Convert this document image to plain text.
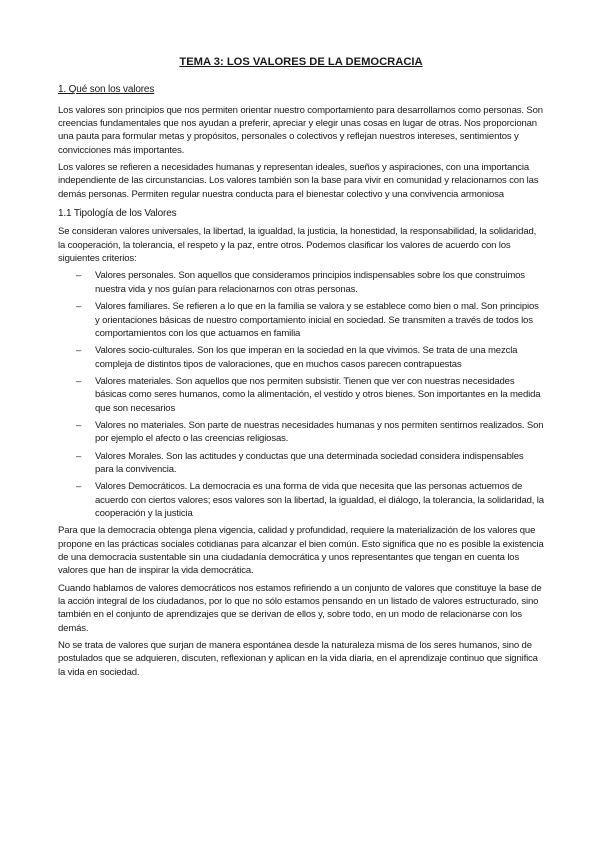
TEMA 3: LOS VALORES DE LA DEMOCRACIA
1. Qué son los valores

Los valores son principios que nos permiten orientar nuestro comportamiento para desarrollarnos como personas. Son creencias fundamentales que nos ayudan a preferir, apreciar y elegir unas cosas en lugar de otras. Nos proporcionan una pauta para formular metas y propósitos, personales o colectivos y reflejan nuestros intereses, sentimientos y convicciones más importantes.

Los valores se refieren a necesidades humanas y representan ideales, sueños y aspiraciones, con una importancia independiente de las circunstancias. Los valores también son la base para vivir en comunidad y relacionarnos con las demás personas. Permiten regular nuestra conducta para el bienestar colectivo y una convivencia armoniosa

1.1 Tipología de los Valores

Se consideran valores universales, la libertad, la igualdad, la justicia, la honestidad, la responsabilidad, la solidaridad, la cooperación, la tolerancia, el respeto y la paz, entre otros. Podemos clasificar los valores de acuerdo con los siguientes criterios:

– Valores personales. Son aquellos que consideramos principios indispensables sobre los que construimos nuestra vida y nos guían para relacionarnos con otras personas.
– Valores familiares. Se refieren a lo que en la familia se valora y se establece como bien o mal. Son principios y orientaciones básicas de nuestro comportamiento inicial en sociedad. Se transmiten a través de todos los comportamientos con los que actuamos en familia
– Valores socio-culturales. Son los que imperan en la sociedad en la que vivimos. Se trata de una mezcla compleja de distintos tipos de valoraciones, que en muchos casos parecen contrapuestas
– Valores materiales. Son aquellos que nos permiten subsistir. Tienen que ver con nuestras necesidades básicas como seres humanos, como la alimentación, el vestido y otros bienes. Son importantes en la medida que son necesarios
– Valores no materiales. Son parte de nuestras necesidades humanas y nos permiten sentirnos realizados. Son por ejemplo el afecto o las creencias religiosas.
– Valores Morales. Son las actitudes y conductas que una determinada sociedad considera indispensables para la convivencia.
– Valores Democráticos. La democracia es una forma de vida que necesita que las personas actuemos de acuerdo con ciertos valores; esos valores son la libertad, la igualdad, el diálogo, la tolerancia, la solidaridad, la cooperación y la justicia

Para que la democracia obtenga plena vigencia, calidad y profundidad, requiere la materialización de los valores que propone en las prácticas sociales cotidianas para alcanzar el bien común. Esto significa que no es posible la existencia de una democracia sustentable sin una ciudadanía democrática y unos representantes que tengan en cuenta los valores que han de inspirar la vida democrática.

Cuando hablamos de valores democráticos nos estamos refiriendo a un conjunto de valores que constituye la base de la acción integral de los ciudadanos, por lo que no sólo estamos pensando en un listado de valores estructurado, sino también en el conjunto de aprendizajes que se derivan de ellos y, sobre todo, en un modo de relacionarse con los demás.

No se trata de valores que surjan de manera espontánea desde la naturaleza misma de los seres humanos, sino de postulados que se adquieren, discuten, reflexionan y aplican en la vida diaria, en el aprendizaje continuo que significa la vida en sociedad.
